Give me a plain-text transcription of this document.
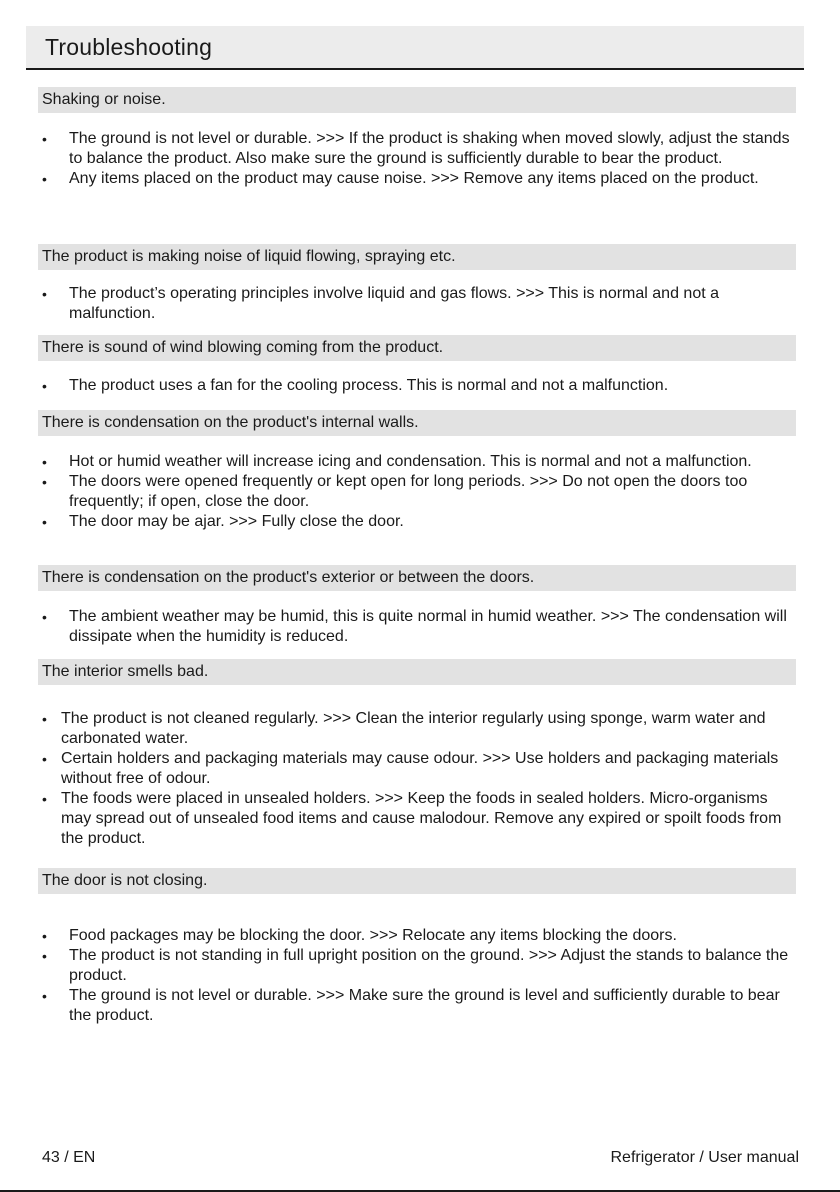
Troubleshooting
Shaking or noise.
• The ground is not level or durable. >>> If the product is shaking when moved slowly, adjust the stands to balance the product. Also make sure the ground is sufficiently durable to bear the product.
• Any items placed on the product may cause noise. >>> Remove any items placed on the product.
The product is making noise of liquid flowing, spraying etc.
• The product’s operating principles involve liquid and gas flows. >>> This is normal and not a malfunction.
There is sound of wind blowing coming from the product.
• The product uses a fan for the cooling process. This is normal and not a malfunction.
There is condensation on the product's internal walls.
• Hot or humid weather will increase icing and condensation. This is normal and not a malfunction.
• The doors were opened frequently or kept open for long periods. >>> Do not open the doors too frequently; if open, close the door.
• The door may be ajar. >>> Fully close the door.
There is condensation on the product's exterior or between the doors.
• The ambient weather may be humid, this is quite normal in humid weather. >>> The condensation will dissipate when the humidity is reduced.
The interior smells bad.
• The product is not cleaned regularly. >>> Clean the interior regularly using sponge, warm water and carbonated water.
• Certain holders and packaging materials may cause odour. >>> Use holders and packaging materials without free of odour.
• The foods were placed in unsealed holders. >>> Keep the foods in sealed holders. Micro-organisms may spread out of unsealed food items and cause malodour. Remove any expired or spoilt foods from the product.
The door is not closing.
• Food packages may be blocking the door. >>> Relocate any items blocking the doors.
• The product is not standing in full upright position on the ground. >>> Adjust the stands to balance the product.
• The ground is not level or durable. >>> Make sure the ground is level and sufficiently durable to bear the product.
43 / EN	Refrigerator / User manual
